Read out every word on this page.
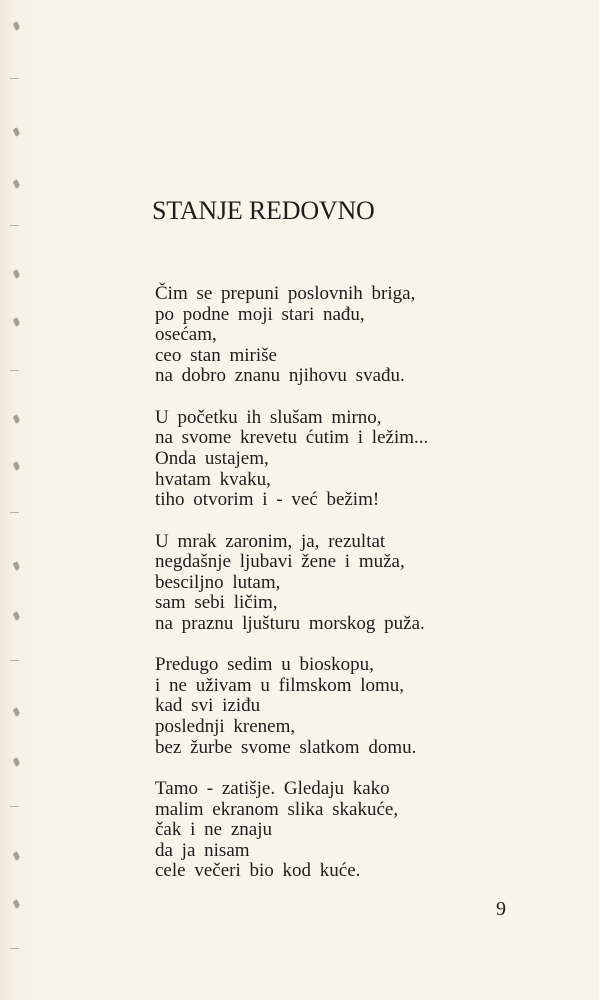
STANJE REDOVNO
Čim se prepuni poslovnih briga,
po podne moji stari nađu,
osećam,
ceo stan miriše
na dobro znanu njihovu svađu.
U početku ih slušam mirno,
na svome krevetu ćutim i ležim...
Onda ustajem,
hvatam kvaku,
tiho otvorim i - već bežim!
U mrak zaronim, ja, rezultat
negdašnje ljubavi žene i muža,
besciljno lutam,
sam sebi ličim,
na praznu ljušturu morskog puža.
Predugo sedim u bioskopu,
i ne uživam u filmskom lomu,
kad svi iziđu
poslednji krenem,
bez žurbe svome slatkom domu.
Tamo - zatišje. Gledaju kako
malim ekranom slika skakuće,
čak i ne znaju
da ja nisam
cele večeri bio kod kuće.
9
